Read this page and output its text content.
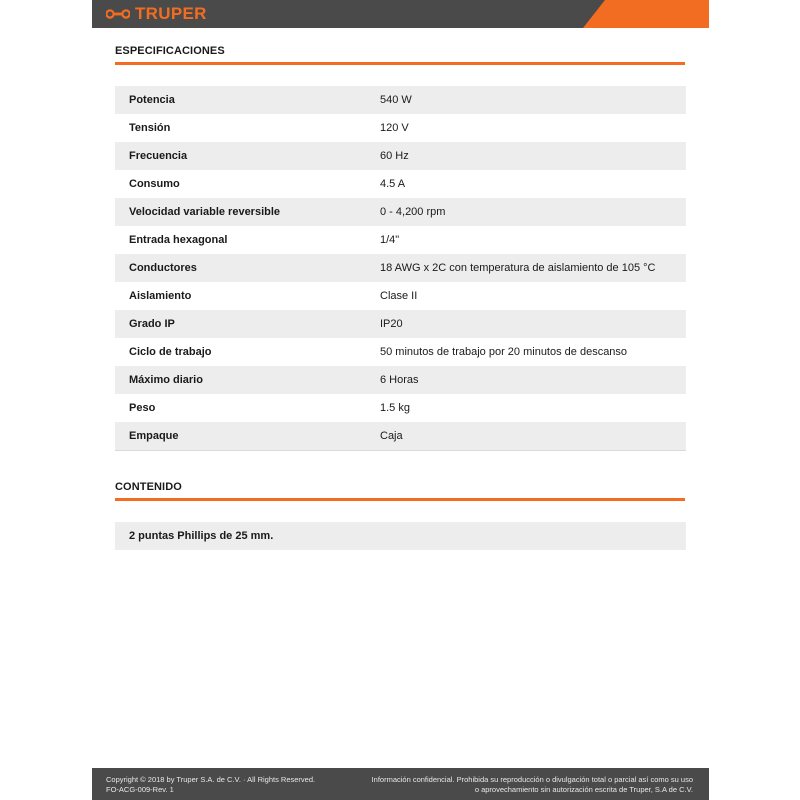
TRUPER
ESPECIFICACIONES
Potencia	540 W
Tensión	120 V
Frecuencia	60 Hz
Consumo	4.5 A
Velocidad variable reversible	0 - 4,200 rpm
Entrada hexagonal	1/4"
Conductores	18 AWG x 2C con temperatura de aislamiento de 105 °C
Aislamiento	Clase II
Grado IP	IP20
Ciclo de trabajo	50 minutos de trabajo por 20 minutos de descanso
Máximo diario	6 Horas
Peso	1.5 kg
Empaque	Caja
CONTENIDO
2 puntas Phillips de 25 mm.
Copyright © 2018 by Truper S.A. de C.V. · All Rights Reserved.
FO-ACG-009-Rev. 1
Información confidencial. Prohibida su reproducción o divulgación total o parcial así como su uso
o aprovechamiento sin autorización escrita de Truper, S.A de C.V.
